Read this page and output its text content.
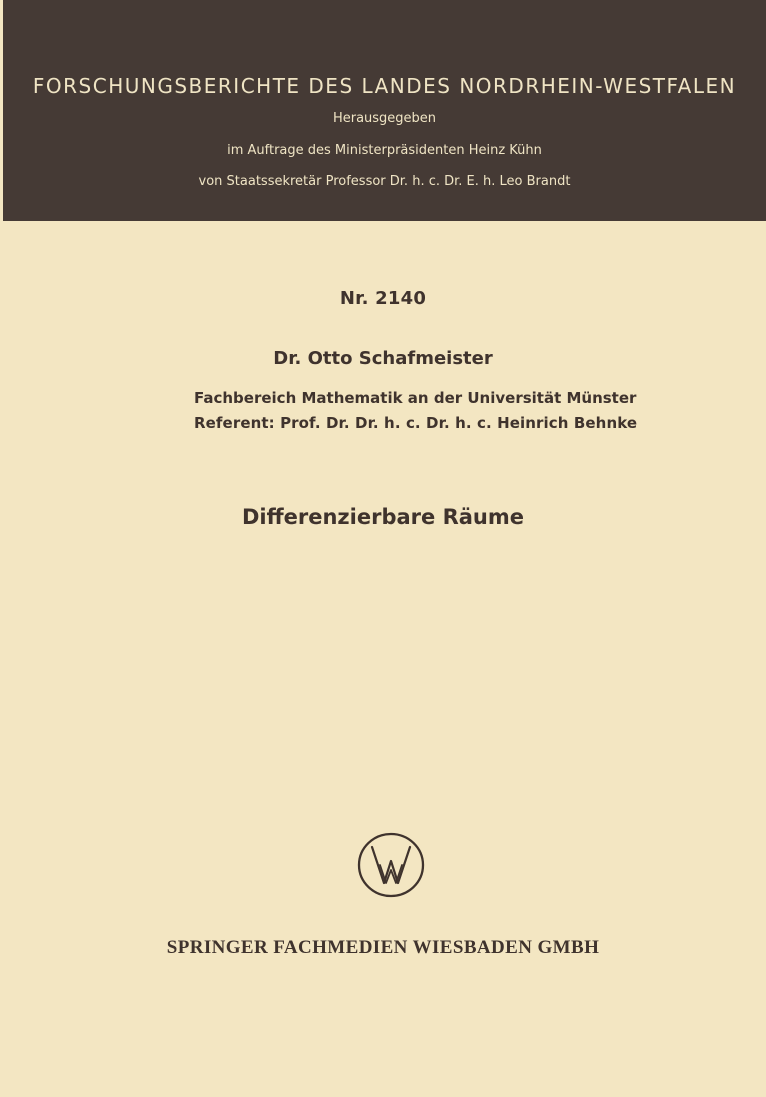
FORSCHUNGSBERICHTE DES LANDES NORDRHEIN-WESTFALEN
Herausgegeben
im Auftrage des Ministerpräsidenten Heinz Kühn
von Staatssekretär Professor Dr. h. c. Dr. E. h. Leo Brandt
Nr. 2140
Dr. Otto Schafmeister
Fachbereich Mathematik an der Universität Münster
Referent: Prof. Dr. Dr. h. c. Dr. h. c. Heinrich Behnke
Differenzierbare Räume
SPRINGER FACHMEDIEN WIESBADEN GMBH
